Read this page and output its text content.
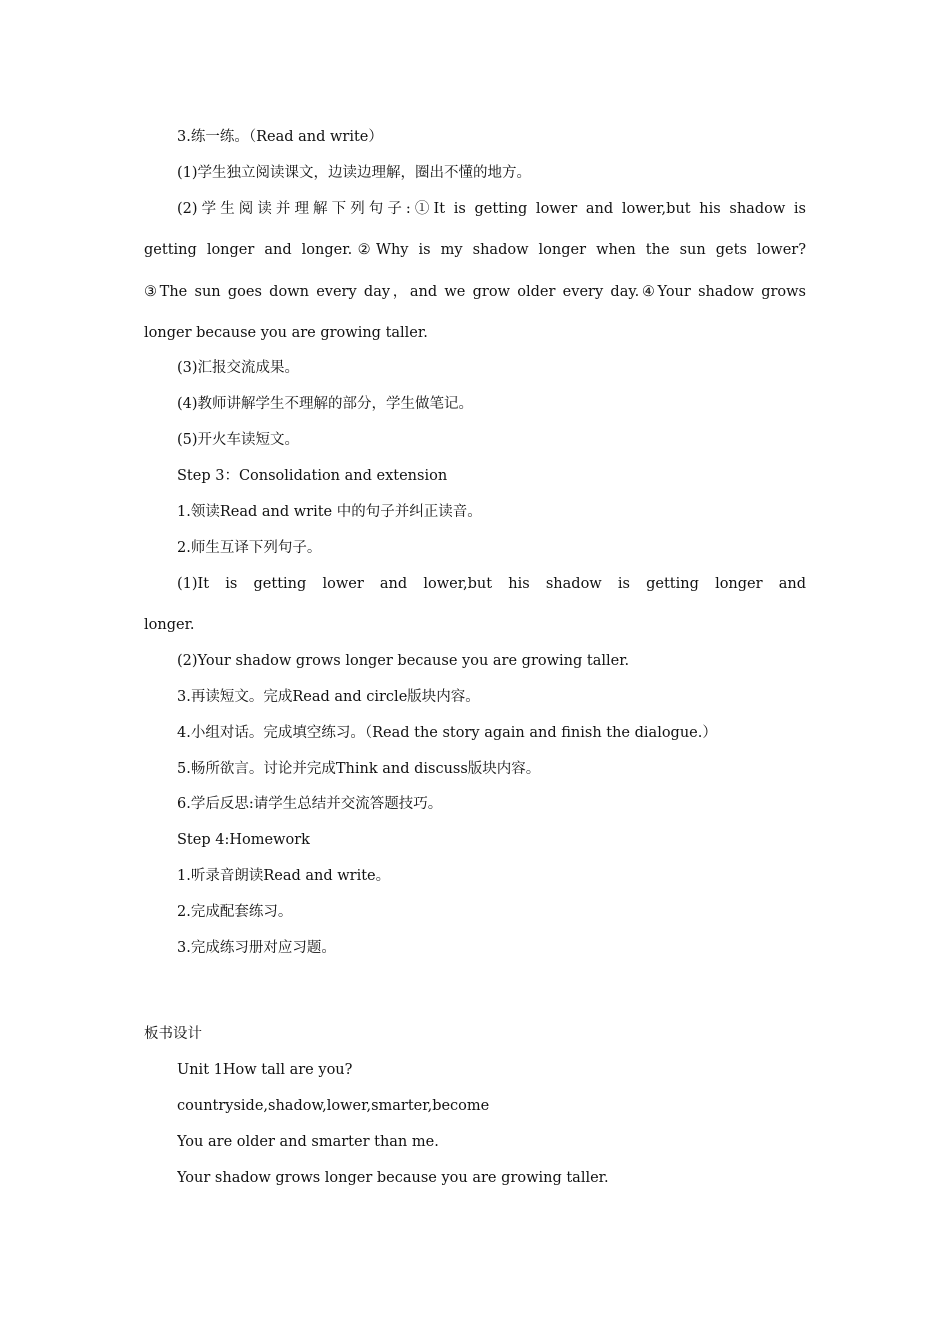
3.练一练。（Read and write）
(1)学生独立阅读课文，边读边理解，圈出不懂的地方。
(2)学生阅读并理解下列句子:①It is getting lower and lower,but his shadow is
getting longer and longer.②Why is my shadow longer when the sun gets lower?
③The sun goes down every day，and we grow older every day.④Your shadow grows
longer because you are growing taller.
(3)汇报交流成果。
(4)教师讲解学生不理解的部分，学生做笔记。
(5)开火车读短文。
Step 3：Consolidation and extension
1.领读Read and write 中的句子并纠正读音。
2.师生互译下列句子。
(1)It is getting lower and lower,but his shadow is getting longer and
longer.
(2)Your shadow grows longer because you are growing taller.
3.再读短文。完成Read and circle版块内容。
4.小组对话。完成填空练习。（Read the story again and finish the dialogue.）
5.畅所欲言。讨论并完成Think and discuss版块内容。
6.学后反思:请学生总结并交流答题技巧。
Step 4:Homework
1.听录音朗读Read and write。
2.完成配套练习。
3.完成练习册对应习题。
板书设计
Unit 1How tall are you?
countryside,shadow,lower,smarter,become
You are older and smarter than me.
Your shadow grows longer because you are growing taller.
